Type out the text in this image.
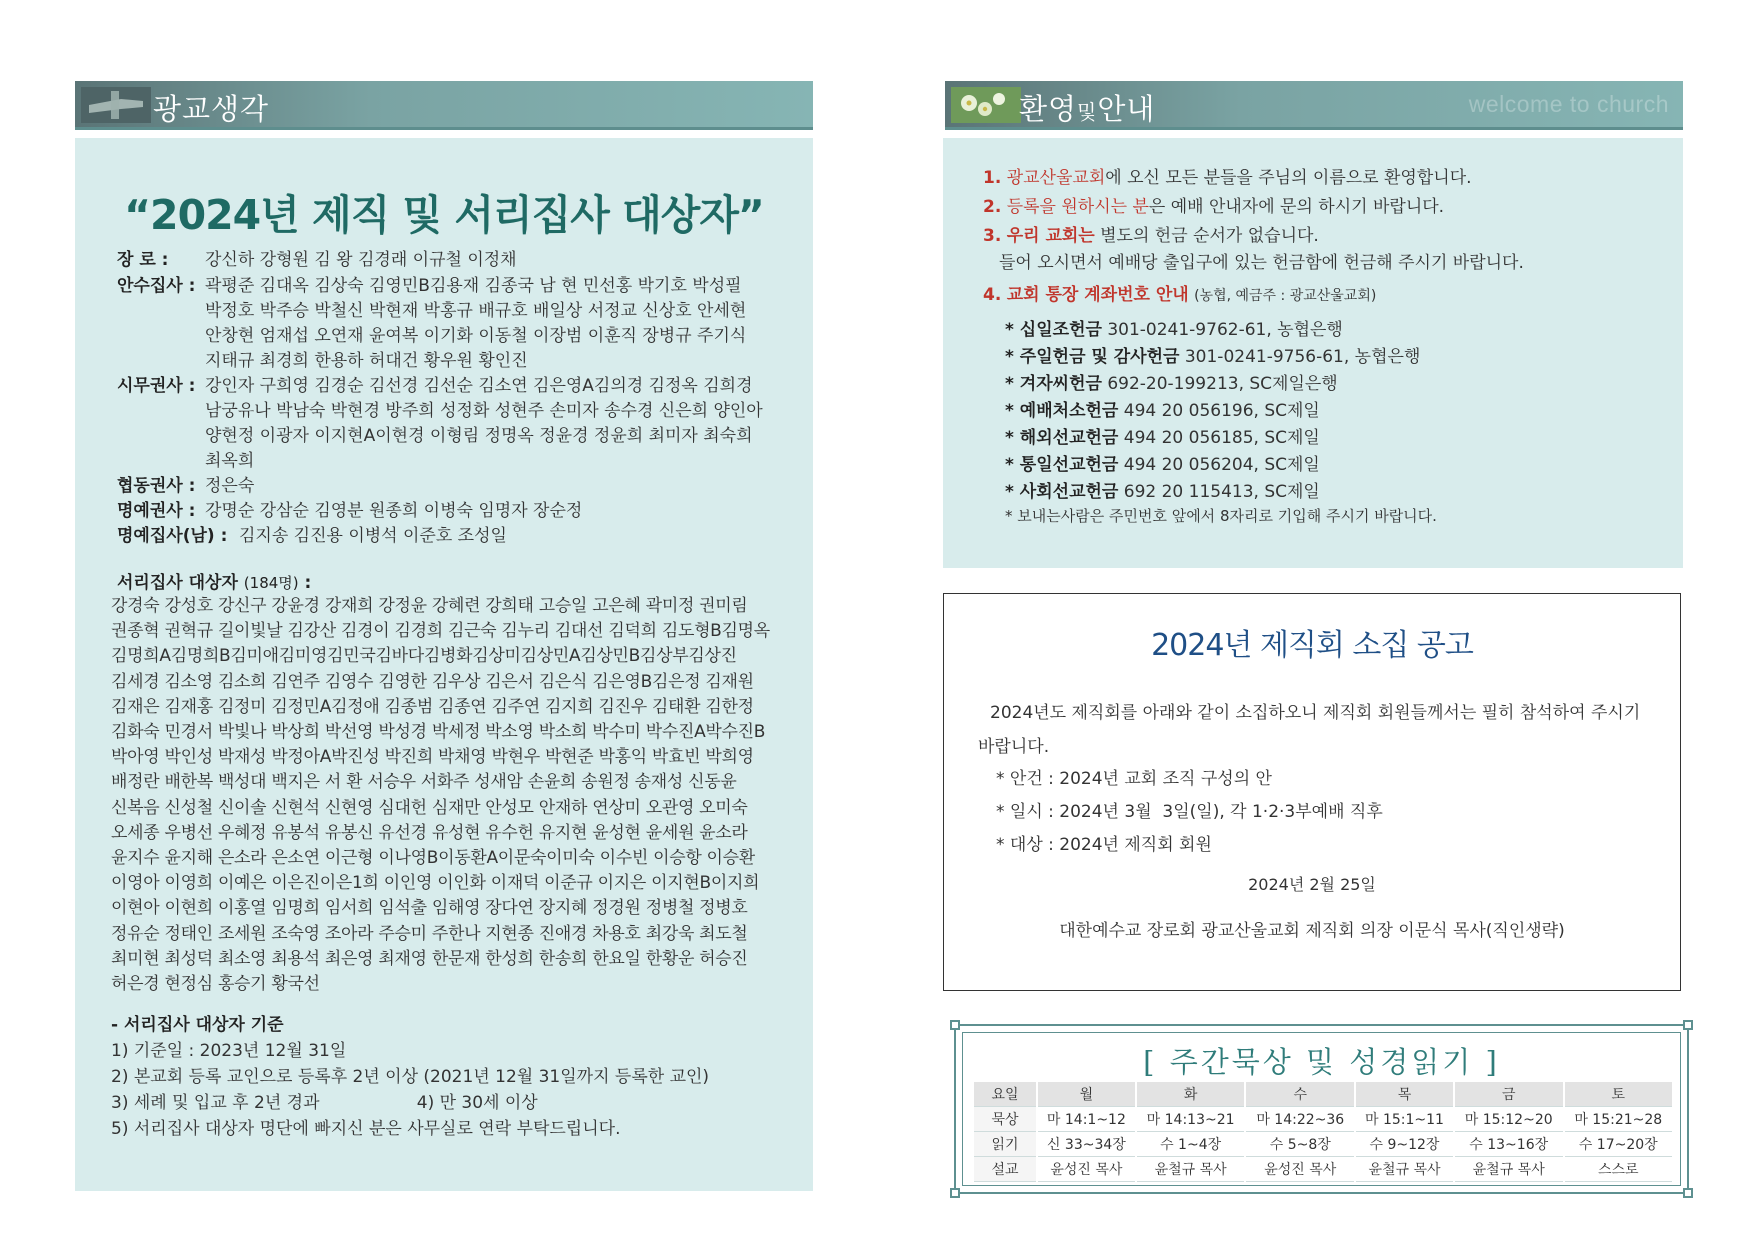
광교생각
“2024년 제직 및 서리집사 대상자”
장 로 : 강신하 강형원 김 왕 김경래 이규철 이정채
안수집사 : 곽평준 김대옥 김상숙 김영민B김용재 김종국 남 현 민선홍 박기호 박성필
박정호 박주승 박철신 박현재 박홍규 배규호 배일상 서정교 신상호 안세현
안창현 엄재섭 오연재 윤여복 이기화 이동철 이장범 이훈직 장병규 주기식
지태규 최경희 한용하 허대건 황우원 황인진
시무권사 : 강인자 구희영 김경순 김선경 김선순 김소연 김은영A김의경 김정옥 김희경
남궁유나 박남숙 박현경 방주희 성정화 성현주 손미자 송수경 신은희 양인아
양현정 이광자 이지현A이현경 이형림 정명옥 정윤경 정윤희 최미자 최숙희
최옥희
협동권사 : 정은숙
명예권사 : 강명순 강삼순 김영분 원종희 이병숙 임명자 장순정
명예집사(남) : 김지송 김진용 이병석 이준호 조성일
서리집사 대상자 (184명) :
강경숙 강성호 강신구 강윤경 강재희 강정윤 강혜련 강희태 고승일 고은혜 곽미정 권미림
권종혁 권혁규 길이빛날 김강산 김경이 김경희 김근숙 김누리 김대선 김덕희 김도형B김명옥
김명희A김명희B김미애김미영김민국김바다김병화김상미김상민A김상민B김상부김상진
김세경 김소영 김소희 김연주 김영수 김영한 김우상 김은서 김은식 김은영B김은정 김재원
김재은 김재홍 김정미 김정민A김정애 김종범 김종연 김주연 김지희 김진우 김태환 김한정
김화숙 민경서 박빛나 박상희 박선영 박성경 박세정 박소영 박소희 박수미 박수진A박수진B
박아영 박인성 박재성 박정아A박진성 박진희 박채영 박현우 박현준 박홍익 박효빈 박희영
배정란 배한복 백성대 백지은 서 환 서승우 서화주 성새암 손윤희 송원정 송재성 신동윤
신복음 신성철 신이솔 신현석 신현영 심대헌 심재만 안성모 안재하 연상미 오관영 오미숙
오세종 우병선 우혜정 유봉석 유봉신 유선경 유성현 유수헌 유지현 윤성현 윤세원 윤소라
윤지수 윤지해 은소라 은소연 이근형 이나영B이동환A이문숙이미숙 이수빈 이승항 이승환
이영아 이영희 이예은 이은진이은1희 이인영 이인화 이재덕 이준규 이지은 이지현B이지희
이현아 이현희 이홍열 임명희 임서희 임석출 임해영 장다연 장지혜 정경원 정병철 정병호
정유순 정태인 조세원 조숙영 조아라 주승미 주한나 지현종 진애경 차용호 최강욱 최도철
최미현 최성덕 최소영 최용석 최은영 최재영 한문재 한성희 한송희 한요일 한황운 허승진
허은경 현정심 홍승기 황국선
- 서리집사 대상자 기준
1) 기준일 : 2023년 12월 31일
2) 본교회 등록 교인으로 등록후 2년 이상 (2021년 12월 31일까지 등록한 교인)
3) 세례 및 입교 후 2년 경과                  4) 만 30세 이상
5) 서리집사 대상자 명단에 빠지신 분은 사무실로 연락 부탁드립니다.
환영및안내	welcome to church
1. 광교산울교회에 오신 모든 분들을 주님의 이름으로 환영합니다.
2. 등록을 원하시는 분은 예배 안내자에 문의 하시기 바랍니다.
3. 우리 교회는 별도의 헌금 순서가 없습니다.
들어 오시면서 예배당 출입구에 있는 헌금함에 헌금해 주시기 바랍니다.
4. 교회 통장 계좌번호 안내 (농협, 예금주 : 광교산울교회)
* 십일조헌금 301-0241-9762-61, 농협은행
* 주일헌금 및 감사헌금 301-0241-9756-61, 농협은행
* 겨자씨헌금 692-20-199213, SC제일은행
* 예배처소헌금 494 20 056196, SC제일
* 해외선교헌금 494 20 056185, SC제일
* 통일선교헌금 494 20 056204, SC제일
* 사회선교헌금 692 20 115413, SC제일
* 보내는사람은 주민번호 앞에서 8자리로 기입해 주시기 바랍니다.
2024년 제직회 소집 공고
2024년도 제직회를 아래와 같이 소집하오니 제직회 회원들께서는 필히 참석하여 주시기 바랍니다.
* 안건 : 2024년 교회 조직 구성의 안
* 일시 : 2024년 3월  3일(일), 각 1·2·3부예배 직후
* 대상 : 2024년 제직회 회원
2024년 2월 25일
대한예수교 장로회 광교산울교회 제직회 의장 이문식 목사(직인생략)
[ 주간묵상 및 성경읽기 ]
요일	월	화	수	목	금	토
묵상	마 14:1~12	마 14:13~21	마 14:22~36	마 15:1~11	마 15:12~20	마 15:21~28
읽기	신 33~34장	수 1~4장	수 5~8장	수 9~12장	수 13~16장	수 17~20장
설교	윤성진 목사	윤철규 목사	윤성진 목사	윤철규 목사	윤철규 목사	스스로
